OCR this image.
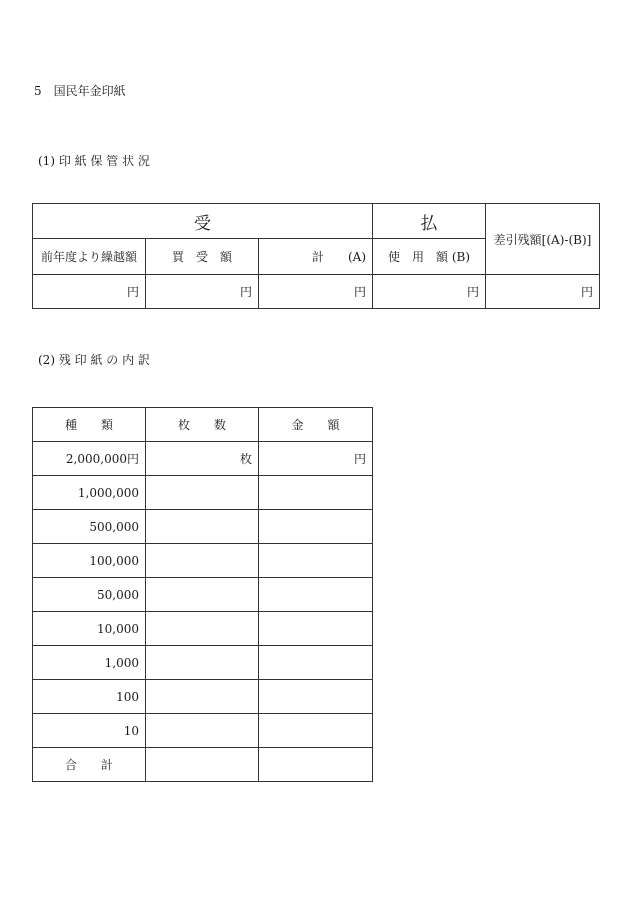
5　国民年金印紙
(1) 印 紙 保 管 状 況
受			払	差引残額[(A)-(B)]
前年度より繰越額	買　受　額	計　　(A)	使　用　額 (B)	
円	円	円	円	円
(2) 残 印 紙 の 内 訳
種　　類	枚　　数	金　　額
2,000,000円	枚	円
1,000,000		
500,000		
100,000		
50,000		
10,000		
1,000		
100		
10		
合　　計		
